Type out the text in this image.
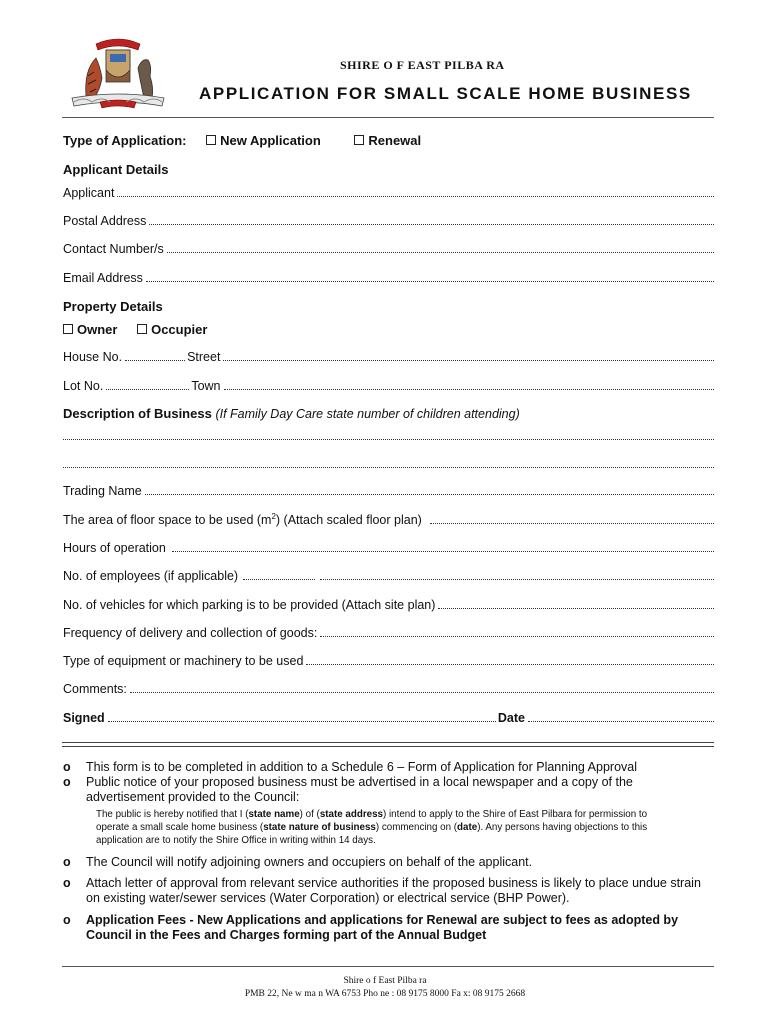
SHIRE O F EAST PILBA RA
APPLICATION FOR SMALL SCALE HOME BUSINESS
Type of Application:	New Application	Renewal
Applicant Details
Applicant
Postal Address
Contact Number/s
Email Address
Property Details
Owner	Occupier
House No.	Street
Lot No.	Town
Description of Business (If Family Day Care state number of children attending)
Trading Name
The area of floor space to be used $(m^2)$ (Attach scaled floor plan)
Hours of operation
No. of employees (if applicable)
No. of vehicles for which parking is to be provided (Attach site plan)
Frequency of delivery and collection of goods:
Type of equipment or machinery to be used
Comments:
Signed	Date
o	This form is to be completed in addition to a Schedule 6 – Form of Application for Planning Approval
o	Public notice of your proposed business must be advertised in a local newspaper and a copy of the advertisement provided to the Council:
The public is hereby notified that I (state name) of (state address) intend to apply to the Shire of East Pilbara for permission to operate a small scale home business (state nature of business) commencing on (date). Any persons having objections to this application are to notify the Shire Office in writing within 14 days.
o	The Council will notify adjoining owners and occupiers on behalf of the applicant.
o	Attach letter of approval from relevant service authorities if the proposed business is likely to place undue strain on existing water/sewer services (Water Corporation) or electrical service (BHP Power).
o	Application Fees - New Applications and applications for Renewal are subject to fees as adopted by Council in the Fees and Charges forming part of the Annual Budget
Shire o f East Pilba ra
PMB 22, Ne w ma n WA 6753 Pho ne : 08 9175 8000 Fa x: 08 9175 2668
